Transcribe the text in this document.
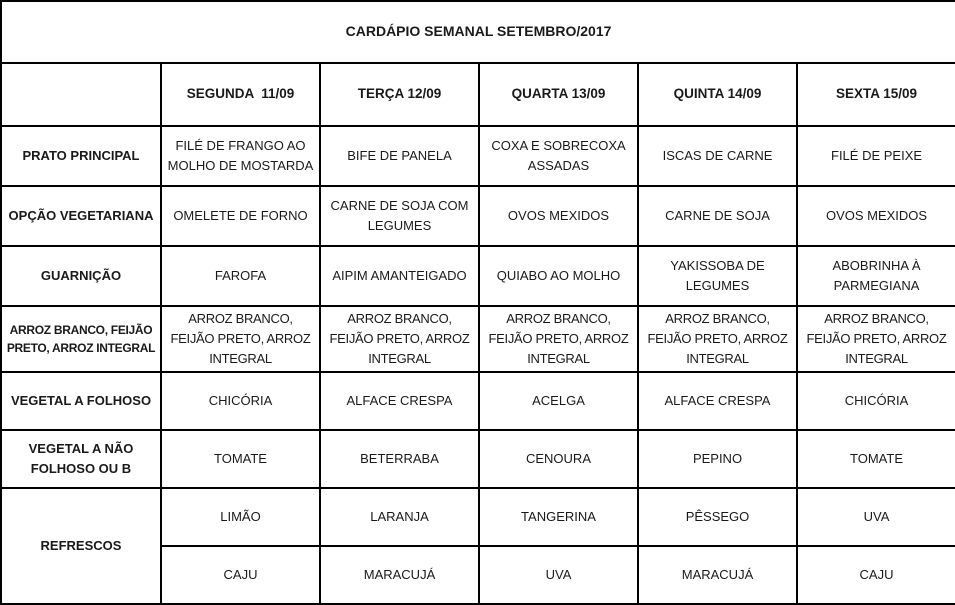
CARDÁPIO SEMANAL SETEMBRO/2017					
	SEGUNDA  11/09	TERÇA 12/09	QUARTA 13/09	QUINTA 14/09	SEXTA 15/09
PRATO PRINCIPAL	FILÉ DE FRANGO AO MOLHO DE MOSTARDA	BIFE DE PANELA	COXA E SOBRECOXA ASSADAS	ISCAS DE CARNE	FILÉ DE PEIXE
OPÇÃO VEGETARIANA	OMELETE DE FORNO	CARNE DE SOJA COM LEGUMES	OVOS MEXIDOS	CARNE DE SOJA	OVOS MEXIDOS
GUARNIÇÃO	FAROFA	AIPIM AMANTEIGADO	QUIABO AO MOLHO	YAKISSOBA DE LEGUMES	ABOBRINHA À PARMEGIANA
ARROZ BRANCO, FEIJÃO PRETO, ARROZ INTEGRAL	ARROZ BRANCO, FEIJÃO PRETO, ARROZ INTEGRAL	ARROZ BRANCO, FEIJÃO PRETO, ARROZ INTEGRAL	ARROZ BRANCO, FEIJÃO PRETO, ARROZ INTEGRAL	ARROZ BRANCO, FEIJÃO PRETO, ARROZ INTEGRAL	ARROZ BRANCO, FEIJÃO PRETO, ARROZ INTEGRAL
VEGETAL A FOLHOSO	CHICÓRIA	ALFACE CRESPA	ACELGA	ALFACE CRESPA	CHICÓRIA
VEGETAL A NÃO FOLHOSO OU B	TOMATE	BETERRABA	CENOURA	PEPINO	TOMATE
REFRESCOS	LIMÃO	LARANJA	TANGERINA	PÊSSEGO	UVA
	CAJU	MARACUJÁ	UVA	MARACUJÁ	CAJU
